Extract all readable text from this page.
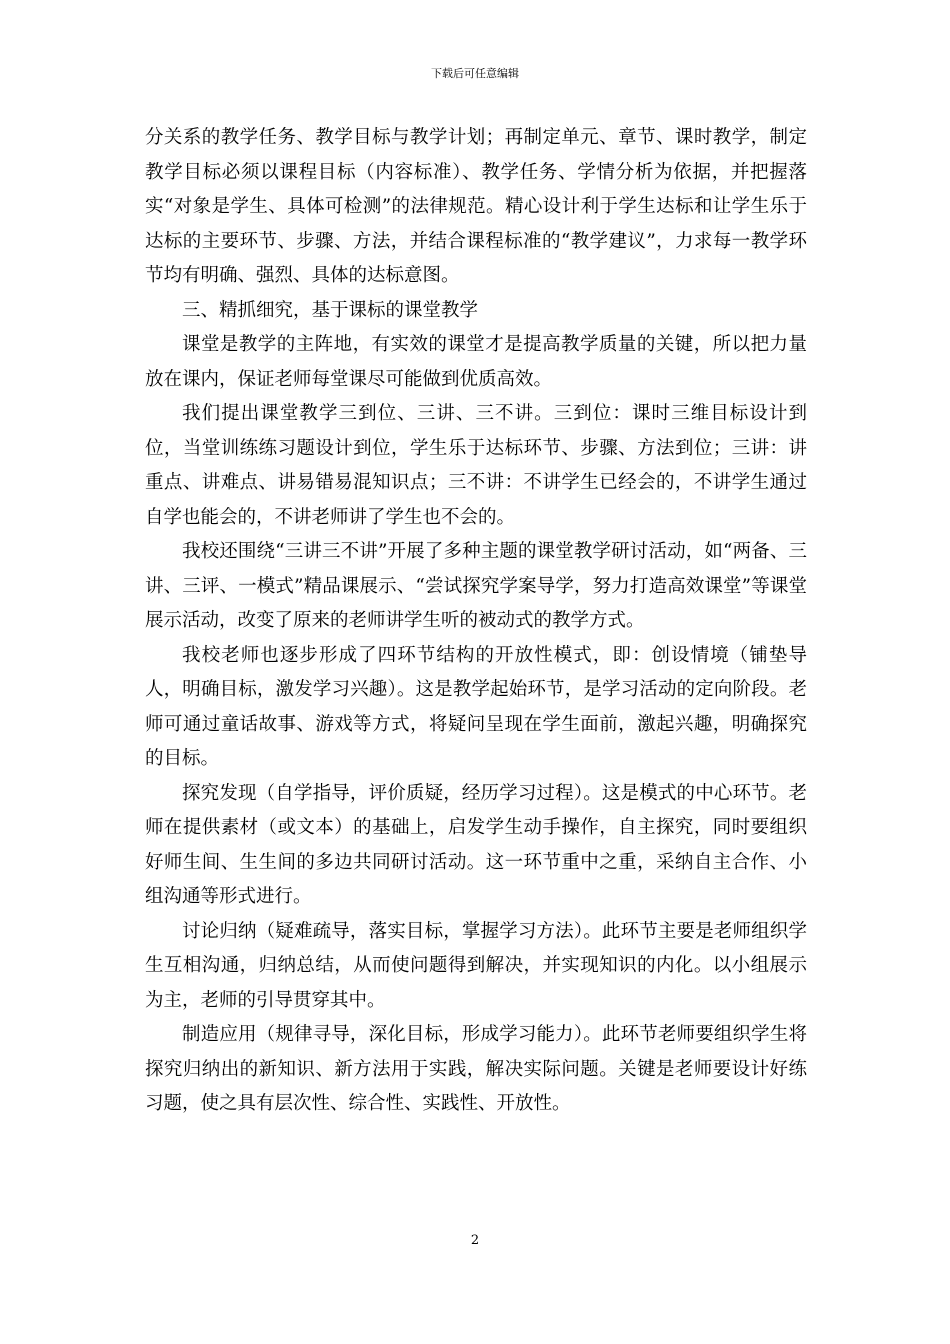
下载后可任意编辑

分关系的教学任务、教学目标与教学计划；再制定单元、章节、课时教学，制定教学目标必须以课程目标（内容标准）、教学任务、学情分析为依据，并把握落实“对象是学生、具体可检测”的法律规范。精心设计利于学生达标和让学生乐于达标的主要环节、步骤、方法，并结合课程标准的“教学建议”，力求每一教学环节均有明确、强烈、具体的达标意图。

三、精抓细究，基于课标的课堂教学

课堂是教学的主阵地，有实效的课堂才是提高教学质量的关键，所以把力量放在课内，保证老师每堂课尽可能做到优质高效。

我们提出课堂教学三到位、三讲、三不讲。三到位：课时三维目标设计到位，当堂训练练习题设计到位，学生乐于达标环节、步骤、方法到位；三讲：讲重点、讲难点、讲易错易混知识点；三不讲：不讲学生已经会的，不讲学生通过自学也能会的，不讲老师讲了学生也不会的。

我校还围绕“三讲三不讲”开展了多种主题的课堂教学研讨活动，如“两备、三讲、三评、一模式”精品课展示、“尝试探究学案导学，努力打造高效课堂”等课堂展示活动，改变了原来的老师讲学生听的被动式的教学方式。

我校老师也逐步形成了四环节结构的开放性模式，即：创设情境（铺垫导人，明确目标，激发学习兴趣）。这是教学起始环节，是学习活动的定向阶段。老师可通过童话故事、游戏等方式，将疑问呈现在学生面前，激起兴趣，明确探究的目标。

探究发现（自学指导，评价质疑，经历学习过程）。这是模式的中心环节。老师在提供素材（或文本）的基础上，启发学生动手操作，自主探究，同时要组织好师生间、生生间的多边共同研讨活动。这一环节重中之重，采纳自主合作、小组沟通等形式进行。

讨论归纳（疑难疏导，落实目标，掌握学习方法）。此环节主要是老师组织学生互相沟通，归纳总结，从而使问题得到解决，并实现知识的内化。以小组展示为主，老师的引导贯穿其中。

制造应用（规律寻导，深化目标，形成学习能力）。此环节老师要组织学生将探究归纳出的新知识、新方法用于实践，解决实际问题。关键是老师要设计好练习题，使之具有层次性、综合性、实践性、开放性。

2
